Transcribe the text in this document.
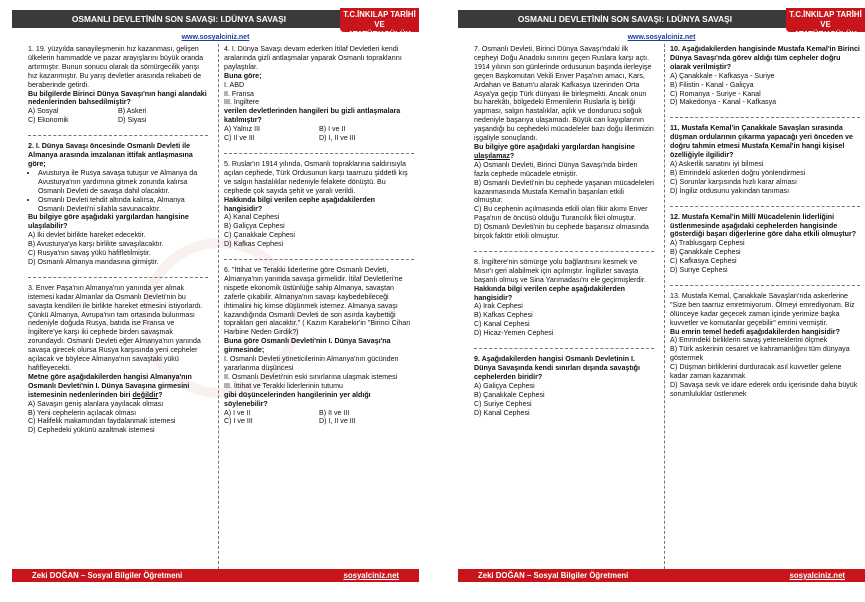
OSMANLI DEVLETİNİN SON SAVAŞI: I.DÜNYA SAVAŞI	T.C.İNKILAP TARİHİ VE
ATATÜRKÇÜLÜK
www.sosyalciniz.net

1. 19. yüzyılda sanayileşmenin hız kazanması, gelişen ülkelerin hammadde ve pazar arayışlarını büyük oranda artırmıştır. Bunun sonucu olarak da sömürgecilik yarışı hız kazanmıştır. Bu yarış devletler arasında rekabeti de beraberinde getirdi.

Bu bilgilerde Birinci Dünya Savaşı'nın hangi alandaki nedenlerinden bahsedilmiştir?

A) Sosyal	B) Askeri
C) Ekonomik	D) Siyasi

2. I. Dünya Savaşı öncesinde Osmanlı Devleti ile Almanya arasında imzalanan ittifak antlaşmasına göre;

• Avusturya ile Rusya savaşa tutuşur ve Almanya da Avusturya'nın yardımına gitmek zorunda kalırsa Osmanlı Devleti de savaşa dahil olacaktır.
• Osmanlı Devleti tehdit altında kalırsa, Almanya Osmanlı Devleti'ni silahla savunacaktır.

Bu bilgiye göre aşağıdaki yargılardan hangisine ulaşılabilir?

A) İki devlet birlikte hareket edecektir.

B) Avusturya'ya karşı birlikte savaşılacaktır.

C) Rusya'nın savaş yükü hafifletilmiştir.

D) Osmanlı Almanya mandasına girmiştir.

3. Enver Paşa'nın Almanya'nın yanında yer almak istemesi kadar Almanlar da Osmanlı Devleti'nin bu savaşta kendileri ile birlikte hareket etmesini istiyorlardı. Çünkü Almanya, Avrupa'nın tam ortasında bulunması nedeniyle doğuda Rusya, batıda ise Fransa ve İngiltere'ye karşı iki cephede birden savaşmak zorundaydı. Osmanlı Devleti eğer Almanya'nın yanında savaşa girecek olursa Rusya karşısında yeni cepheler açılacak ve böylece Almanya'nın savaştaki yükü hafifleyecekti.

Metne göre aşağıdakilerden hangisi Almanya'nın Osmanlı Devleti'nin I. Dünya Savaşına girmesini istemesinin nedenlerinden biri değildir?

A) Savaşın geniş alanlara yayılacak olması

B) Yeni cephelerin açılacak olması

C) Halifelik makamından faydalanmak istemesi

D) Cephedeki yükünü azaltmak istemesi

4. I. Dünya Savaşı devam ederken İtilaf Devletleri kendi aralarında gizli antlaşmalar yaparak Osmanlı topraklarını paylaştılar.

Buna göre;

I. ABD

II. Fransa

III. İngiltere

verilen devletlerinden hangileri bu gizli antlaşmalara katılmıştır?

A) Yalnız III	B) I ve II
C) II ve III	D) I, II ve III

5. Ruslar'ın 1914 yılında, Osmanlı topraklarına saldırısıyla açılan cephede, Türk Ordusunun karşı taarruzu şiddetli kış ve salgın hastalıklar nedeniyle felakete dönüştü. Bu cephede çok sayıda şehit ve yaralı verildi.

Hakkında bilgi verilen cephe aşağıdakilerden hangisidir?

A) Kanal Cephesi

B) Galiçya Cephesi

C) Çanakkale Cephesi

D) Kafkas Cephesi

6. "İttihat ve Terakki liderlerine göre Osmanlı Devleti, Almanya'nın yanında savaşa girmelidir. İtilaf Devletleri'ne nispetle ekonomik üstünlüğe sahip Almanya, savaştan zaferle çıkabilir. Almanya'nın savaşı kaybedebileceği ihtimalini hiç kimse düşünmek istemez. Almanya savaşı kazandığında Osmanlı Devleti de son asırda kaybettiği toprakları geri alacaktır." ( Kazım Karabekir'in "Birinci Cihan Harbine Neden Girdik?)

Buna göre Osmanlı Devleti'nin I. Dünya Savaşı'na girmesinde;

I. Osmanlı Devleti yöneticilerinin Almanya'nın gücünden yararlanma düşüncesi

II. Osmanlı Devleti'nin eski sınırlarına ulaşmak istemesi

III. İttihat ve Terakki liderlerinin tutumu

gibi düşüncelerinden hangilerinin yer aldığı söylenebilir?

A) I ve II	B) II ve III
C) I ve III	D) I, II ve III
Zeki DOĞAN – Sosyal Bilgiler Öğretmeni	sosyalciniz.net
OSMANLI DEVLETİNİN SON SAVAŞI: I.DÜNYA SAVAŞI	T.C.İNKILAP TARİHİ VE
ATATÜRKÇÜLÜK
www.sosyalciniz.net

7. Osmanlı Devleti, Birinci Dünya Savaşı'ndaki ilk cepheyi Doğu Anadolu sınırını geçen Ruslara karşı açtı. 1914 yılının son günlerinde ordusunun başında ilerleyişe geçen Başkomutan Vekili Enver Paşa'nın amacı, Kars, Ardahan ve Batum'u alarak Kafkasya üzerinden Orta Asya'ya geçip Türk dünyası ile birleşmekti. Ancak onun bu harekâtı, bölgedeki Ermenilerin Ruslarla iş birliği yapması, salgın hastalıklar, açlık ve dondurucu soğuk nedeniyle başarıya ulaşamadı. Büyük can kayıplarının yaşandığı bu cephedeki mücadeleler bazı doğu illerimizin işgaliyle sonuçlandı.

Bu bilgiye göre aşağıdaki yargılardan hangisine ulaşılamaz?

A) Osmanlı Devleti, Birinci Dünya Savaşı'nda birden fazla cephede mücadele etmiştir.

B) Osmanlı Devleti'nin bu cephede yaşanan mücadeleleri kazanmasında Mustafa Kemal'in başarıları etkili olmuştur.

C) Bu cephenin açılmasında etkili olan fikir akımı Enver Paşa'nın de öncüsü olduğu Turancılık fikri olmuştur.

D) Osmanlı Devleti'nin bu cephede başarısız olmasında birçok faktör etkili olmuştur.

8. İngiltere'nin sömürge yolu bağlantısını kesmek ve Mısır'ı geri alabilmek için açılmıştır. İngilizler savaşta başarılı olmuş ve Sina Yarımadası'nı ele geçirmişlerdir.

Hakkında bilgi verilen cephe aşağıdakilerden hangisidir?

A) Irak Cephesi

B) Kafkas Cephesi

C) Kanal Cephesi

D) Hicaz-Yemen Cephesi

9. Aşağıdakilerden hangisi Osmanlı Devletinin I. Dünya Savaşında kendi sınırları dışında savaştığı cephelerden biridir?

A) Galiçya Cephesi

B) Çanakkale Cephesi

C) Suriye Cephesi

D) Kanal Cephesi

10. Aşağıdakilerden hangisinde Mustafa Kemal'in Birinci Dünya Savaşı'nda görev aldığı tüm cepheler doğru olarak verilmiştir?

A) Çanakkale - Kafkasya - Suriye

B) Filistin - Kanal - Galiçya

C) Romanya - Suriye - Kanal

D) Makedonya - Kanal - Kafkasya

11. Mustafa Kemal'in Çanakkale Savaşları sırasında düşman ordularının çıkarma yapacağı yeri önceden ve doğru tahmin etmesi Mustafa Kemal'in hangi kişisel özelliğiyle ilgilidir?

A) Askerlik sanatını iyi bilmesi

B) Emrindeki askerleri doğru yönlendirmesi

C) Sorunlar karşısında hızlı karar alması

D) İngiliz ordusunu yakından tanıması

12. Mustafa Kemal'in Millî Mücadelenin liderliğini üstlenmesinde aşağıdaki cephelerden hangisinde gösterdiği başarı diğerlerine göre daha etkili olmuştur?

A) Trablusgarp Cephesi

B) Çanakkale Cephesi

C) Kafkasya Cephesi

D) Suriye Cephesi

13. Mustafa Kemal, Çanakkale Savaşları'nda askerlerine "Size ben taarruz emretmiyorum. Ölmeyi emrediyorum. Biz ölünceye kadar geçecek zaman içinde yerimize başka kuvvetler ve komutanlar geçebilir" emrini vermiştir.

Bu emrin temel hedefi aşağıdakilerden hangisidir?

A) Emrindeki birliklerin savaş yeteneklerini ölçmek

B) Türk askerinin cesaret ve kahramanlığını tüm dünyaya göstermek

C) Düşman birliklerini durduracak asıl kuvvetler gelene kadar zaman kazanmak

D) Savaşa sevk ve idare ederek ordu içerisinde daha büyük sorumluluklar üstlenmek

Zeki DOĞAN – Sosyal Bilgiler Öğretmeni	sosyalciniz.net
